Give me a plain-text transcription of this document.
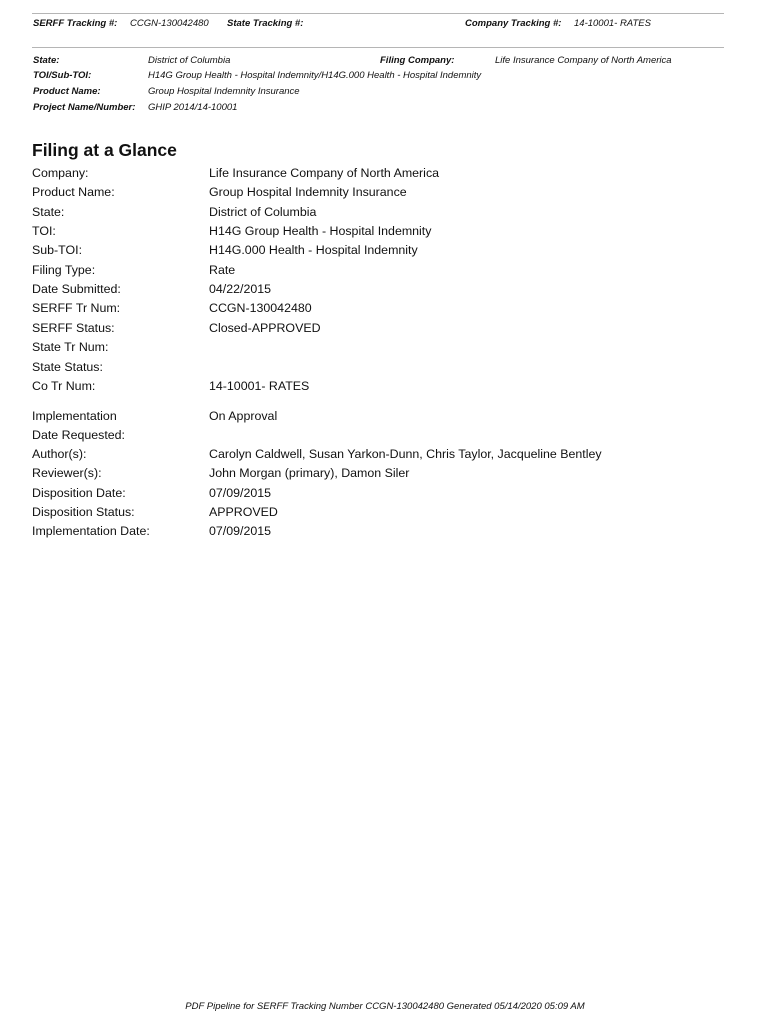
SERFF Tracking #: CCGN-130042480 State Tracking #:	Company Tracking #: 14-10001- RATES
State:	District of Columbia	Filing Company:	Life Insurance Company of North America
TOI/Sub-TOI:	H14G Group Health - Hospital Indemnity/H14G.000 Health - Hospital Indemnity
Product Name:	Group Hospital Indemnity Insurance
Project Name/Number: GHIP 2014/14-10001
Filing at a Glance
Company:	Life Insurance Company of North America
Product Name:	Group Hospital Indemnity Insurance
State:	District of Columbia
TOI:	H14G Group Health - Hospital Indemnity
Sub-TOI:	H14G.000 Health - Hospital Indemnity
Filing Type:	Rate
Date Submitted:	04/22/2015
SERFF Tr Num:	CCGN-130042480
SERFF Status:	Closed-APPROVED
State Tr Num:
State Status:
Co Tr Num:	14-10001- RATES
Implementation	On Approval
Date Requested:
Author(s):	Carolyn Caldwell, Susan Yarkon-Dunn, Chris Taylor, Jacqueline Bentley
Reviewer(s):	John Morgan (primary), Damon Siler
Disposition Date:	07/09/2015
Disposition Status:	APPROVED
Implementation Date:	07/09/2015
PDF Pipeline for SERFF Tracking Number CCGN-130042480 Generated 05/14/2020 05:09 AM
